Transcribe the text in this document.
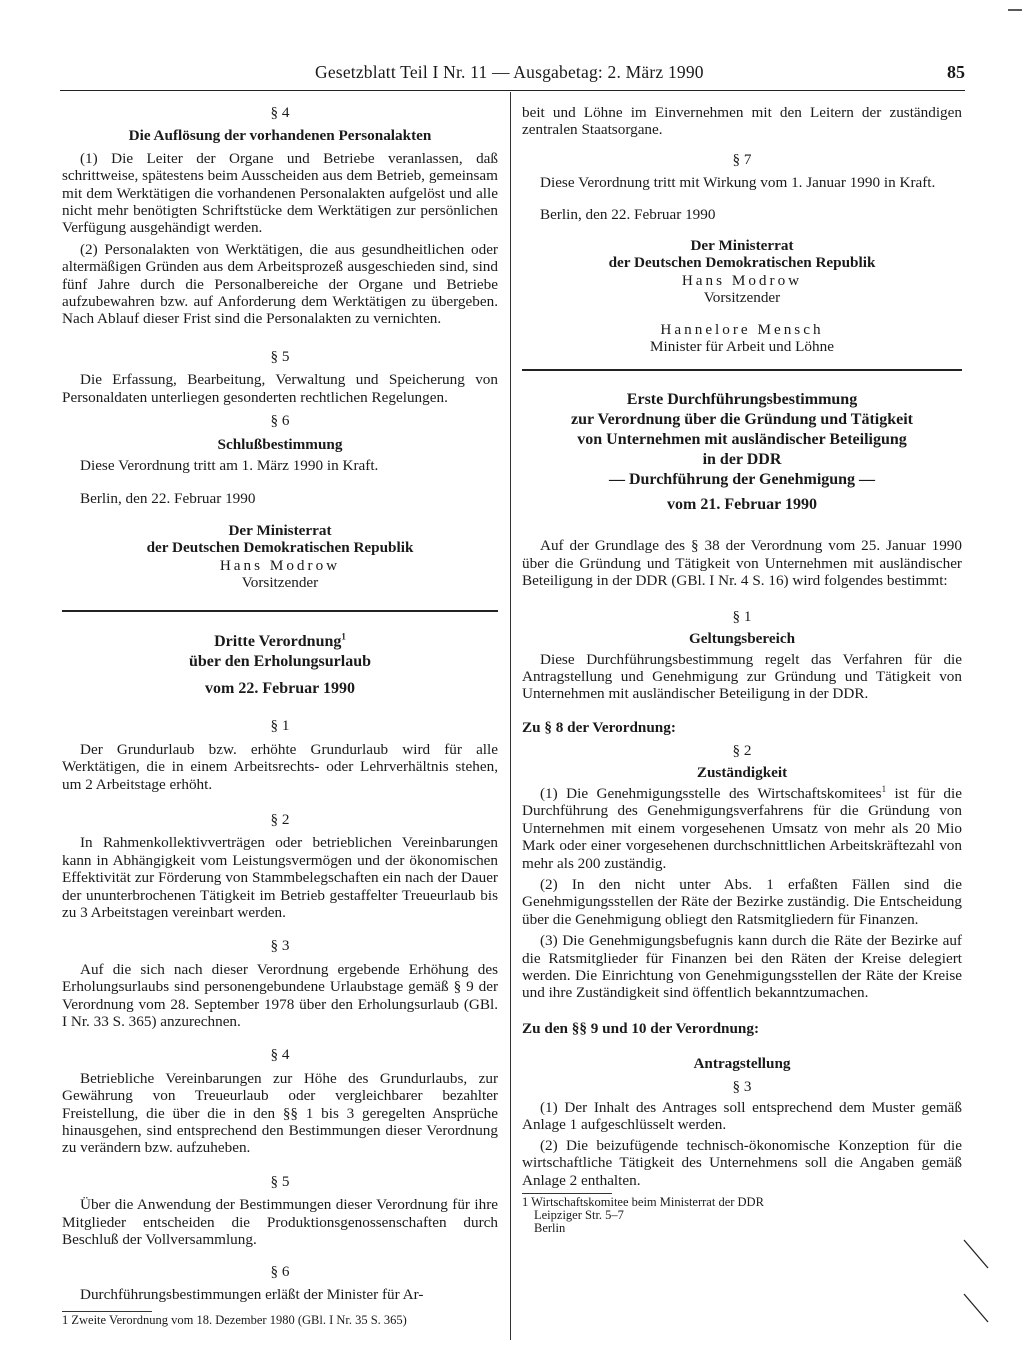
Gesetzblatt Teil I Nr. 11 — Ausgabetag: 2. März 1990	85
§ 4
Die Auflösung der vorhandenen Personalakten

(1) Die Leiter der Organe und Betriebe veranlassen, daß schrittweise, spätestens beim Ausscheiden aus dem Betrieb, gemeinsam mit dem Werktätigen die vorhandenen Personalakten aufgelöst und alle nicht mehr benötigten Schriftstücke dem Werktätigen zur persönlichen Verfügung ausgehändigt werden.

(2) Personalakten von Werktätigen, die aus gesundheitlichen oder altermäßigen Gründen aus dem Arbeitsprozeß ausgeschieden sind, sind fünf Jahre durch die Personalbereiche der Organe und Betriebe aufzubewahren bzw. auf Anforderung dem Werktätigen zu übergeben. Nach Ablauf dieser Frist sind die Personalakten zu vernichten.

§ 5

Die Erfassung, Bearbeitung, Verwaltung und Speicherung von Personaldaten unterliegen gesonderten rechtlichen Regelungen.

§ 6
Schlußbestimmung

Diese Verordnung tritt am 1. März 1990 in Kraft.

Berlin, den 22. Februar 1990

Der Ministerrat
der Deutschen Demokratischen Republik
Hans Modrow
Vorsitzender
Dritte Verordnung$^1$
über den Erholungsurlaub
vom 22. Februar 1990
§ 1

Der Grundurlaub bzw. erhöhte Grundurlaub wird für alle Werktätigen, die in einem Arbeitsrechts- oder Lehrverhältnis stehen, um 2 Arbeitstage erhöht.

§ 2

In Rahmenkollektivverträgen oder betrieblichen Vereinbarungen kann in Abhängigkeit vom Leistungsvermögen und der ökonomischen Effektivität zur Förderung von Stammbelegschaften ein nach der Dauer der ununterbrochenen Tätigkeit im Betrieb gestaffelter Treueurlaub bis zu 3 Arbeitstagen vereinbart werden.

§ 3

Auf die sich nach dieser Verordnung ergebende Erhöhung des Erholungsurlaubs sind personengebundene Urlaubstage gemäß § 9 der Verordnung vom 28. September 1978 über den Erholungsurlaub (GBl. I Nr. 33 S. 365) anzurechnen.

§ 4

Betriebliche Vereinbarungen zur Höhe des Grundurlaubs, zur Gewährung von Treueurlaub oder vergleichbarer bezahlter Freistellung, die über die in den §§ 1 bis 3 geregelten Ansprüche hinausgehen, sind entsprechend den Bestimmungen dieser Verordnung zu verändern bzw. aufzuheben.

§ 5

Über die Anwendung der Bestimmungen dieser Verordnung für ihre Mitglieder entscheiden die Produktionsgenossenschaften durch Beschluß der Vollversammlung.

§ 6

Durchführungsbestimmungen erläßt der Minister für Ar-

1 Zweite Verordnung vom 18. Dezember 1980 (GBl. I Nr. 35 S. 365)

beit und Löhne im Einvernehmen mit den Leitern der zuständigen zentralen Staatsorgane.

§ 7

Diese Verordnung tritt mit Wirkung vom 1. Januar 1990 in Kraft.

Berlin, den 22. Februar 1990

Der Ministerrat
der Deutschen Demokratischen Republik
Hans Modrow
Vorsitzender
Hannelore Mensch
Minister für Arbeit und Löhne
Erste Durchführungsbestimmung
zur Verordnung über die Gründung und Tätigkeit
von Unternehmen mit ausländischer Beteiligung
in der DDR
— Durchführung der Genehmigung —
vom 21. Februar 1990

Auf der Grundlage des § 38 der Verordnung vom 25. Januar 1990 über die Gründung und Tätigkeit von Unternehmen mit ausländischer Beteiligung in der DDR (GBl. I Nr. 4 S. 16) wird folgendes bestimmt:

§ 1
Geltungsbereich

Diese Durchführungsbestimmung regelt das Verfahren für die Antragstellung und Genehmigung zur Gründung und Tätigkeit von Unternehmen mit ausländischer Beteiligung in der DDR.

Zu § 8 der Verordnung:
§ 2
Zuständigkeit

(1) Die Genehmigungsstelle des Wirtschaftskomitees$^1$ ist für die Durchführung des Genehmigungsverfahrens für die Gründung von Unternehmen mit einem vorgesehenen Umsatz von mehr als 20 Mio Mark oder einer vorgesehenen durchschnittlichen Arbeitskräftezahl von mehr als 200 zuständig.

(2) In den nicht unter Abs. 1 erfaßten Fällen sind die Genehmigungsstellen der Räte der Bezirke zuständig. Die Entscheidung über die Genehmigung obliegt den Ratsmitgliedern für Finanzen.

(3) Die Genehmigungsbefugnis kann durch die Räte der Bezirke auf die Ratsmitglieder für Finanzen bei den Räten der Kreise delegiert werden. Die Einrichtung von Genehmigungsstellen der Räte der Kreise und ihre Zuständigkeit sind öffentlich bekanntzumachen.

Zu den §§ 9 und 10 der Verordnung:
Antragstellung
§ 3

(1) Der Inhalt des Antrages soll entsprechend dem Muster gemäß Anlage 1 aufgeschlüsselt werden.

(2) Die beizufügende technisch-ökonomische Konzeption für die wirtschaftliche Tätigkeit des Unternehmens soll die Angaben gemäß Anlage 2 enthalten.

1 Wirtschaftskomitee beim Ministerrat der DDR
Leipziger Str. 5–7
Berlin
